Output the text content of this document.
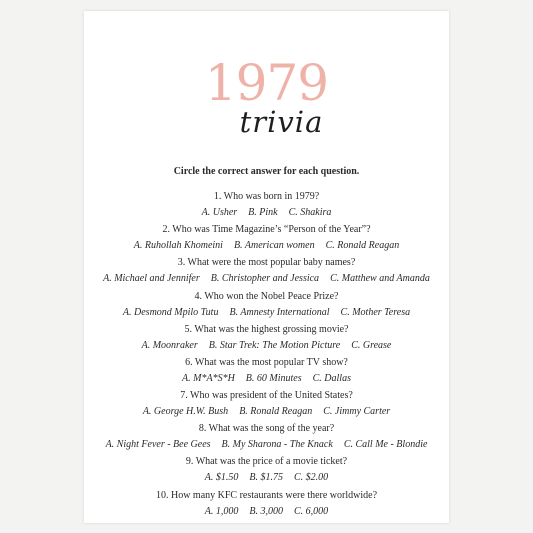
1979
trivia
Circle the correct answer for each question.
1. Who was born in 1979?
A. Usher B. Pink C. Shakira
2. Who was Time Magazine’s “Person of the Year”?
A. Ruhollah Khomeini B. American women C. Ronald Reagan
3. What were the most popular baby names?
A. Michael and Jennifer B. Christopher and Jessica C. Matthew and Amanda
4. Who won the Nobel Peace Prize?
A. Desmond Mpilo Tutu B. Amnesty International C. Mother Teresa
5. What was the highest grossing movie?
A. Moonraker B. Star Trek: The Motion Picture C. Grease
6. What was the most popular TV show?
A. M*A*S*H B. 60 Minutes C. Dallas
7. Who was president of the United States?
A. George H.W. Bush B. Ronald Reagan C. Jimmy Carter
8. What was the song of the year?
A. Night Fever - Bee Gees B. My Sharona - The Knack C. Call Me - Blondie
9. What was the price of a movie ticket?
A. $1.50 B. $1.75 C. $2.00
10. How many KFC restaurants were there worldwide?
A. 1,000 B. 3,000 C. 6,000
